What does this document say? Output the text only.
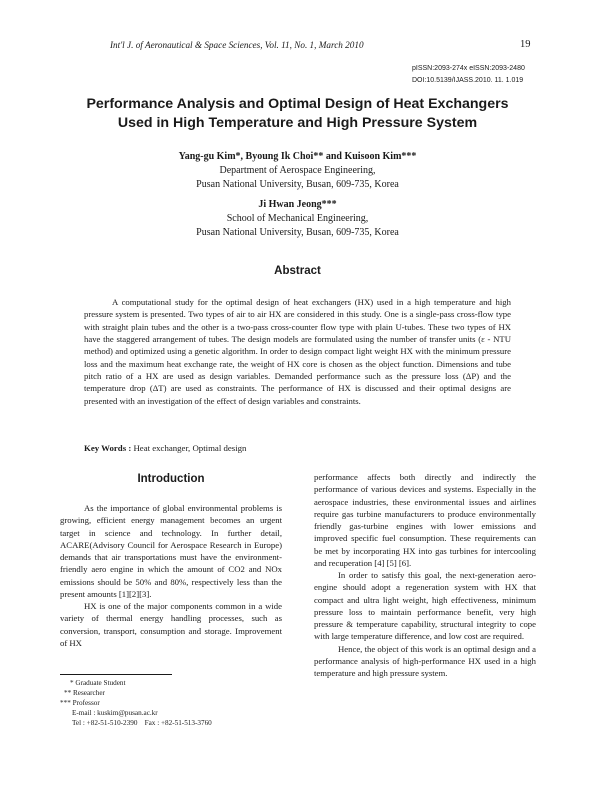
Int'l J. of Aeronautical & Space Sciences, Vol. 11, No. 1, March 2010	19
pISSN:2093-274x eISSN:2093-2480
DOI:10.5139/IJASS.2010. 11. 1.019
Performance Analysis and Optimal Design of Heat Exchangers
Used in High Temperature and High Pressure System
Yang-gu Kim*, Byoung Ik Choi** and Kuisoon Kim***
Department of Aerospace Engineering,
Pusan National University, Busan, 609-735, Korea
Ji Hwan Jeong***
School of Mechanical Engineering,
Pusan National University, Busan, 609-735, Korea
Abstract
A computational study for the optimal design of heat exchangers (HX) used in a high temperature and high pressure system is presented. Two types of air to air HX are considered in this study. One is a single-pass cross-flow type with straight plain tubes and the other is a two-pass cross-counter flow type with plain U-tubes. These two types of HX have the staggered arrangement of tubes. The design models are formulated using the number of transfer units (ε - NTU method) and optimized using a genetic algorithm. In order to design compact light weight HX with the minimum pressure loss and the maximum heat exchange rate, the weight of HX core is chosen as the object function. Dimensions and tube pitch ratio of a HX are used as design variables. Demanded performance such as the pressure loss (ΔP) and the temperature drop (ΔT) are used as constraints. The performance of HX is discussed and their optimal designs are presented with an investigation of the effect of design variables and constraints.
Key Words : Heat exchanger, Optimal design
Introduction

As the importance of global environmental problems is growing, efficient energy management becomes an urgent target in science and technology. In further detail, ACARE(Advisory Council for Aerospace Research in Europe) demands that air transportations must have the environment-friendly aero engine in which the amount of CO2 and NOx emissions should be 50% and 80%, respectively less than the present amounts [1][2][3].

HX is one of the major components common in a wide variety of thermal energy handling processes, such as conversion, transport, consumption and storage. Improvement of HX

performance affects both directly and indirectly the performance of various devices and systems. Especially in the aerospace industries, these environmental issues and airlines require gas turbine manufacturers to produce environmentally friendly gas-turbine engines with lower emissions and improved specific fuel consumption. These requirements can be met by incorporating HX into gas turbines for intercooling and recuperation [4] [5] [6].

In order to satisfy this goal, the next-generation aero-engine should adopt a regeneration system with HX that compact and ultra light weight, high effectiveness, minimum pressure loss to maintain performance benefit, very high pressure & temperature capability, structural integrity to cope with large temperature difference, and low cost are required.

Hence, the object of this work is an optimal design and a performance analysis of high-performance HX used in a high temperature and high pressure system.

* Graduate Student
** Researcher
*** Professor
E-mail : kuskim@pusan.ac.kr
Tel : +82-51-510-2390    Fax : +82-51-513-3760
